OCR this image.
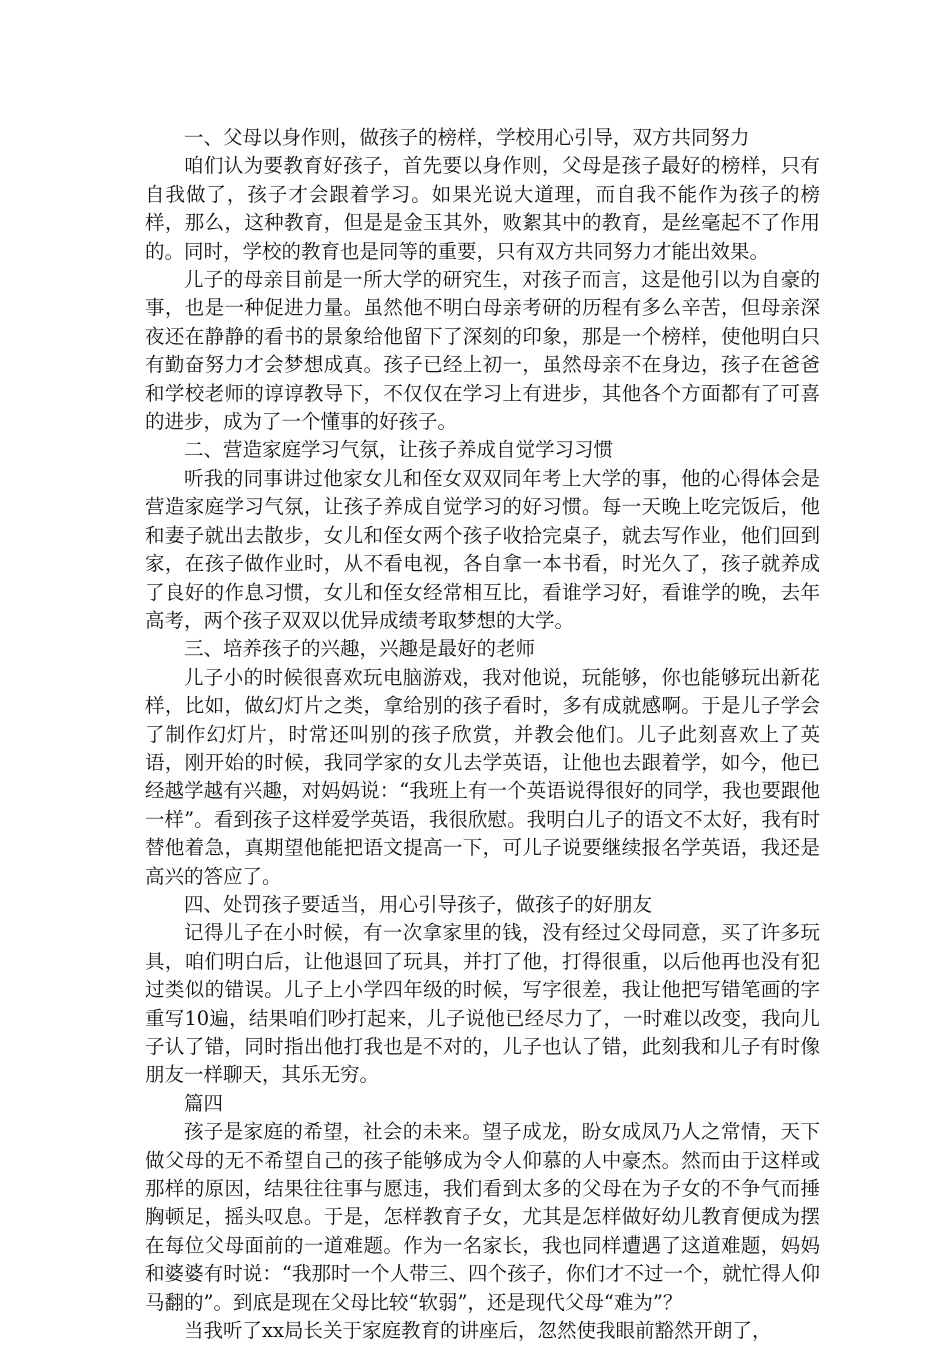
一、父母以身作则，做孩子的榜样，学校用心引导，双方共同努力

咱们认为要教育好孩子，首先要以身作则，父母是孩子最好的榜样，只有自我做了，孩子才会跟着学习。如果光说大道理，而自我不能作为孩子的榜样，那么，这种教育，但是是金玉其外，败絮其中的教育，是丝毫起不了作用的。同时，学校的教育也是同等的重要，只有双方共同努力才能出效果。

儿子的母亲目前是一所大学的研究生，对孩子而言，这是他引以为自豪的事，也是一种促进力量。虽然他不明白母亲考研的历程有多么辛苦，但母亲深夜还在静静的看书的景象给他留下了深刻的印象，那是一个榜样，使他明白只有勤奋努力才会梦想成真。孩子已经上初一，虽然母亲不在身边，孩子在爸爸和学校老师的谆谆教导下，不仅仅在学习上有进步，其他各个方面都有了可喜的进步，成为了一个懂事的好孩子。

二、营造家庭学习气氛，让孩子养成自觉学习习惯

听我的同事讲过他家女儿和侄女双双同年考上大学的事，他的心得体会是营造家庭学习气氛，让孩子养成自觉学习的好习惯。每一天晚上吃完饭后，他和妻子就出去散步，女儿和侄女两个孩子收拾完桌子，就去写作业，他们回到家，在孩子做作业时，从不看电视，各自拿一本书看，时光久了，孩子就养成了良好的作息习惯，女儿和侄女经常相互比，看谁学习好，看谁学的晚，去年高考，两个孩子双双以优异成绩考取梦想的大学。

三、培养孩子的兴趣，兴趣是最好的老师

儿子小的时候很喜欢玩电脑游戏，我对他说，玩能够，你也能够玩出新花样，比如，做幻灯片之类，拿给别的孩子看时，多有成就感啊。于是儿子学会了制作幻灯片，时常还叫别的孩子欣赏，并教会他们。儿子此刻喜欢上了英语，刚开始的时候，我同学家的女儿去学英语，让他也去跟着学，如今，他已经越学越有兴趣，对妈妈说：“我班上有一个英语说得很好的同学，我也要跟他一样”。看到孩子这样爱学英语，我很欣慰。我明白儿子的语文不太好，我有时替他着急，真期望他能把语文提高一下，可儿子说要继续报名学英语，我还是高兴的答应了。

四、处罚孩子要适当，用心引导孩子，做孩子的好朋友

记得儿子在小时候，有一次拿家里的钱，没有经过父母同意，买了许多玩具，咱们明白后，让他退回了玩具，并打了他，打得很重，以后他再也没有犯过类似的错误。儿子上小学四年级的时候，写字很差，我让他把写错笔画的字重写10遍，结果咱们吵打起来，儿子说他已经尽力了，一时难以改变，我向儿子认了错，同时指出他打我也是不对的，儿子也认了错，此刻我和儿子有时像朋友一样聊天，其乐无穷。

篇四

孩子是家庭的希望，社会的未来。望子成龙，盼女成凤乃人之常情，天下做父母的无不希望自己的孩子能够成为令人仰慕的人中豪杰。然而由于这样或那样的原因，结果往往事与愿违，我们看到太多的父母在为子女的不争气而捶胸顿足，摇头叹息。于是，怎样教育子女，尤其是怎样做好幼儿教育便成为摆在每位父母面前的一道难题。作为一名家长，我也同样遭遇了这道难题，妈妈和婆婆有时说：“我那时一个人带三、四个孩子，你们才不过一个，就忙得人仰马翻的”。到底是现在父母比较“软弱”，还是现代父母“难为”？

当我听了xx局长关于家庭教育的讲座后，忽然使我眼前豁然开朗了，
